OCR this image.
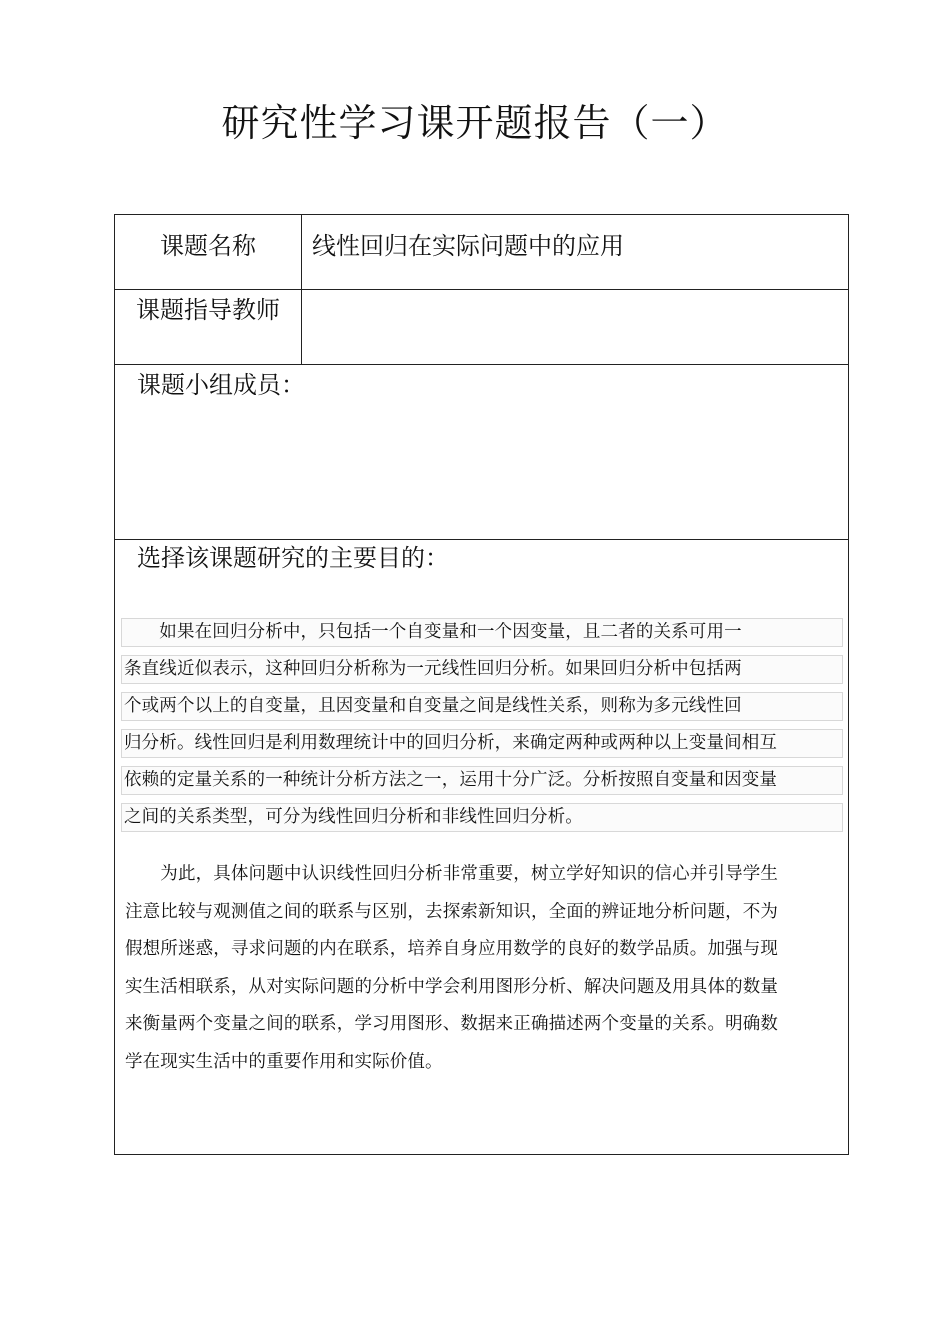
研究性学习课开题报告（一）
课题名称	线性回归在实际问题中的应用
课题指导教师
课题小组成员：
选择该课题研究的主要目的：
　　如果在回归分析中，只包括一个自变量和一个因变量，且二者的关系可用一
条直线近似表示，这种回归分析称为一元线性回归分析。如果回归分析中包括两
个或两个以上的自变量，且因变量和自变量之间是线性关系，则称为多元线性回
归分析。线性回归是利用数理统计中的回归分析，来确定两种或两种以上变量间相互
依赖的定量关系的一种统计分析方法之一，运用十分广泛。分析按照自变量和因变量
之间的关系类型，可分为线性回归分析和非线性回归分析。
　　为此，具体问题中认识线性回归分析非常重要，树立学好知识的信心并引导学生
注意比较与观测值之间的联系与区别，去探索新知识，全面的辨证地分析问题，不为
假想所迷惑，寻求问题的内在联系，培养自身应用数学的良好的数学品质。加强与现
实生活相联系，从对实际问题的分析中学会利用图形分析、解决问题及用具体的数量
来衡量两个变量之间的联系，学习用图形、数据来正确描述两个变量的关系。明确数
学在现实生活中的重要作用和实际价值。
